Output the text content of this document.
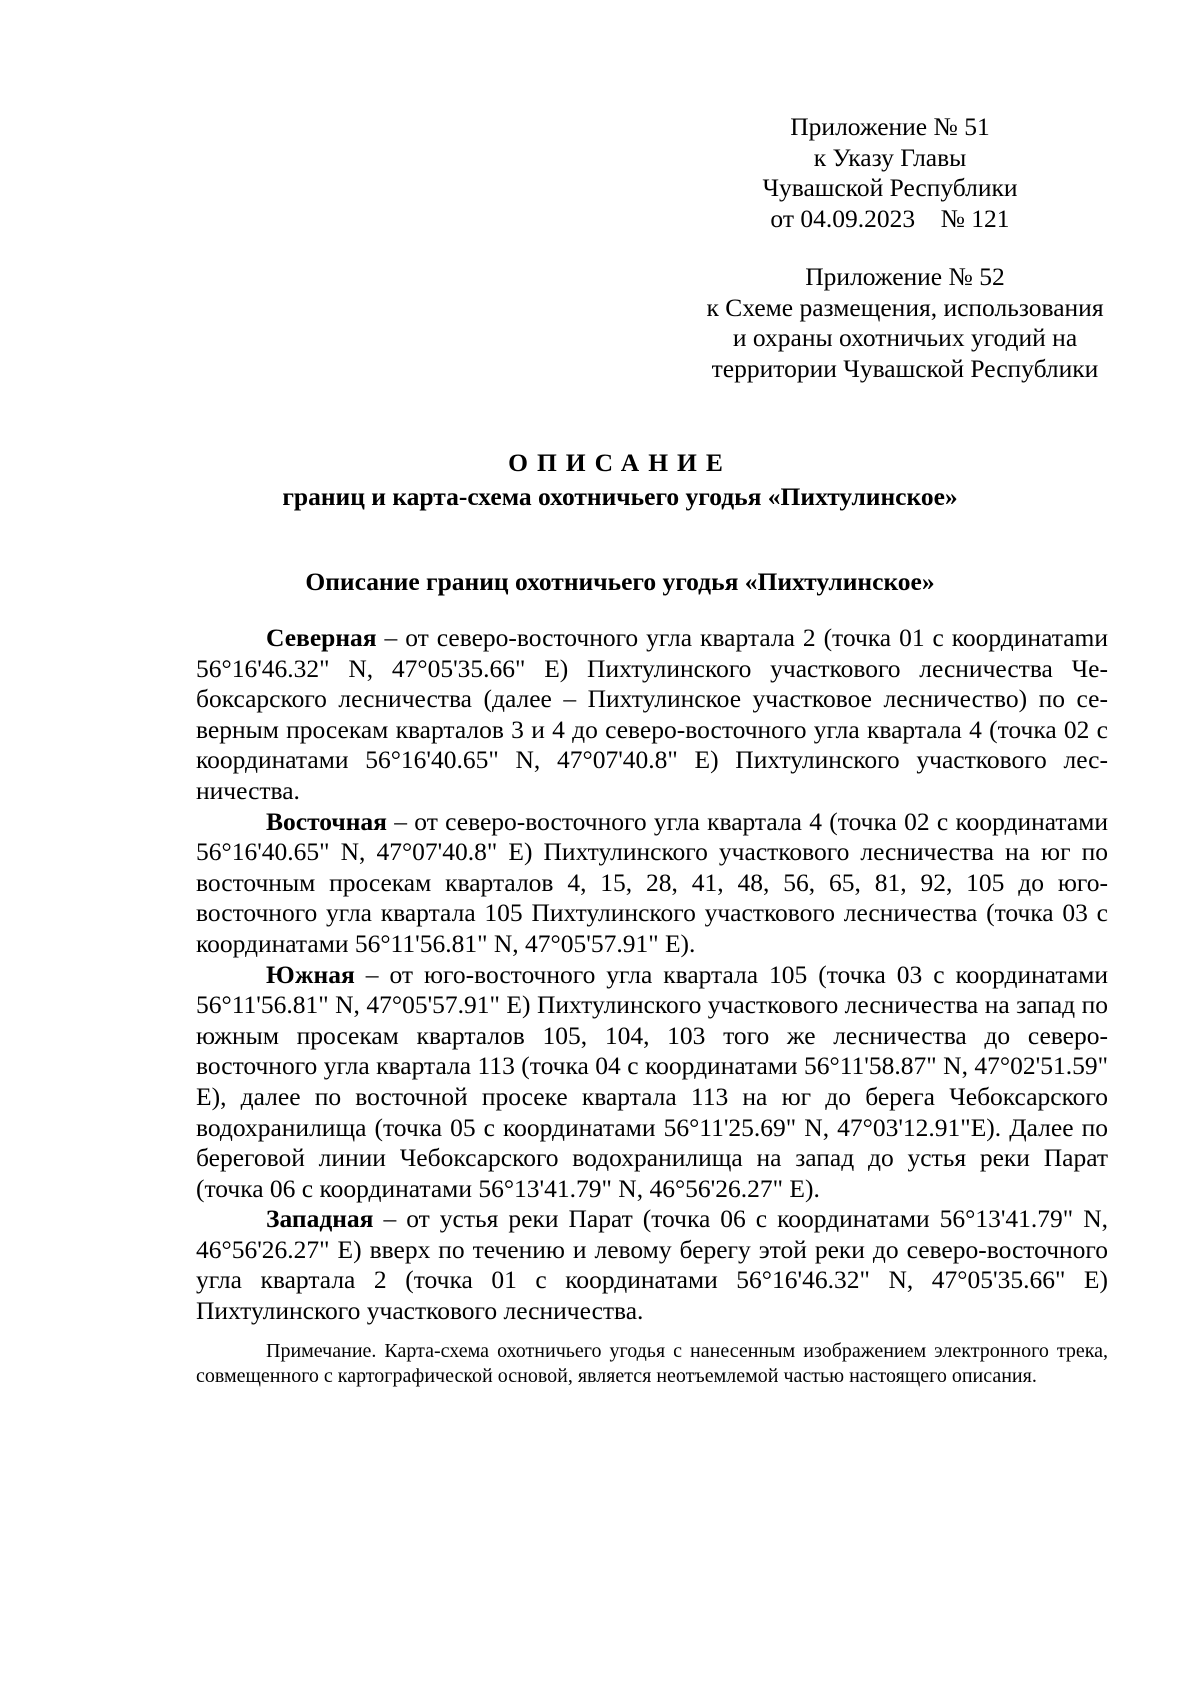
Приложение № 51
к Указу Главы
Чувашской Республики
от 04.09.2023    № 121
Приложение № 52
к Схеме размещения, использования
и охраны охотничьих угодий на
территории Чувашской Республики
ОПИСАНИЕ
границ и карта-схема охотничьего угодья «Пихтулинское»
Описание границ охотничьего угодья «Пихтулинское»

Северная – от северо-восточного угла квартала 2 (точка 01 с координатаmи 56°16'46.32" N, 47°05'35.66" E) Пихтулинского участкового лесничества Чебоксарского лесничества (далее – Пихтулинское участковое лесничество) по северным просекам кварталов 3 и 4 до северо-восточного угла квартала 4 (точка 02 с координатами 56°16'40.65" N, 47°07'40.8" E) Пихтулинского участкового лесничества.

Восточная – от северо-восточного угла квартала 4 (точка 02 с координатами 56°16'40.65" N, 47°07'40.8" E) Пихтулинского участкового лесничества на юг по восточным просекам кварталов 4, 15, 28, 41, 48, 56, 65, 81, 92, 105 до юго-восточного угла квартала 105 Пихтулинского участкового лесничества (точка 03 с координатами 56°11'56.81" N, 47°05'57.91" E).

Южная – от юго-восточного угла квартала 105 (точка 03 с координатами 56°11'56.81" N, 47°05'57.91" E) Пихтулинского участкового лесничества на запад по южным просекам кварталов 105, 104, 103 того же лесничества до северо-восточного угла квартала 113 (точка 04 с координатами 56°11'58.87" N, 47°02'51.59" E), далее по восточной просеке квартала 113 на юг до берега Чебоксарского водохранилища (точка 05 с координатами 56°11'25.69" N, 47°03'12.91"E). Далее по береговой линии Чебоксарского водохранилища на запад до устья реки Парат (точка 06 с координатами 56°13'41.79" N, 46°56'26.27" E).

Западная – от устья реки Парат (точка 06 с координатами 56°13'41.79" N, 46°56'26.27" E) вверх по течению и левому берегу этой реки до северо-восточного угла квартала 2 (точка 01 с координатами 56°16'46.32" N, 47°05'35.66" E) Пихтулинского участкового лесничества.

Примечание. Карта-схема охотничьего угодья с нанесенным изображением электронного трека, совмещенного с картографической основой, является неотъемлемой частью настоящего описания.
